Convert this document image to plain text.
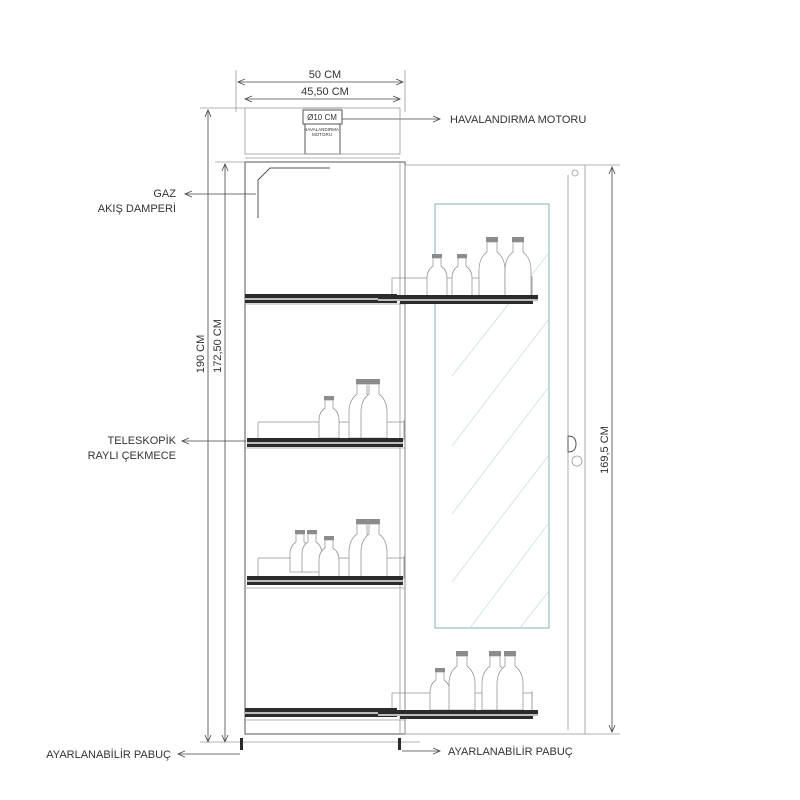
50 CM
45,50 CM
Ø10 CM
HAVALANDIRMA MOTORU
HAVALANDIRMA MOTORU
GAZ
AKIŞ DAMPERİ
TELESKOPİK
RAYLI ÇEKMECE
190 CM 172,50 CM
169,5 CM
AYARLANABİLİR PABUÇ	AYARLANABİLİR PABUÇ
